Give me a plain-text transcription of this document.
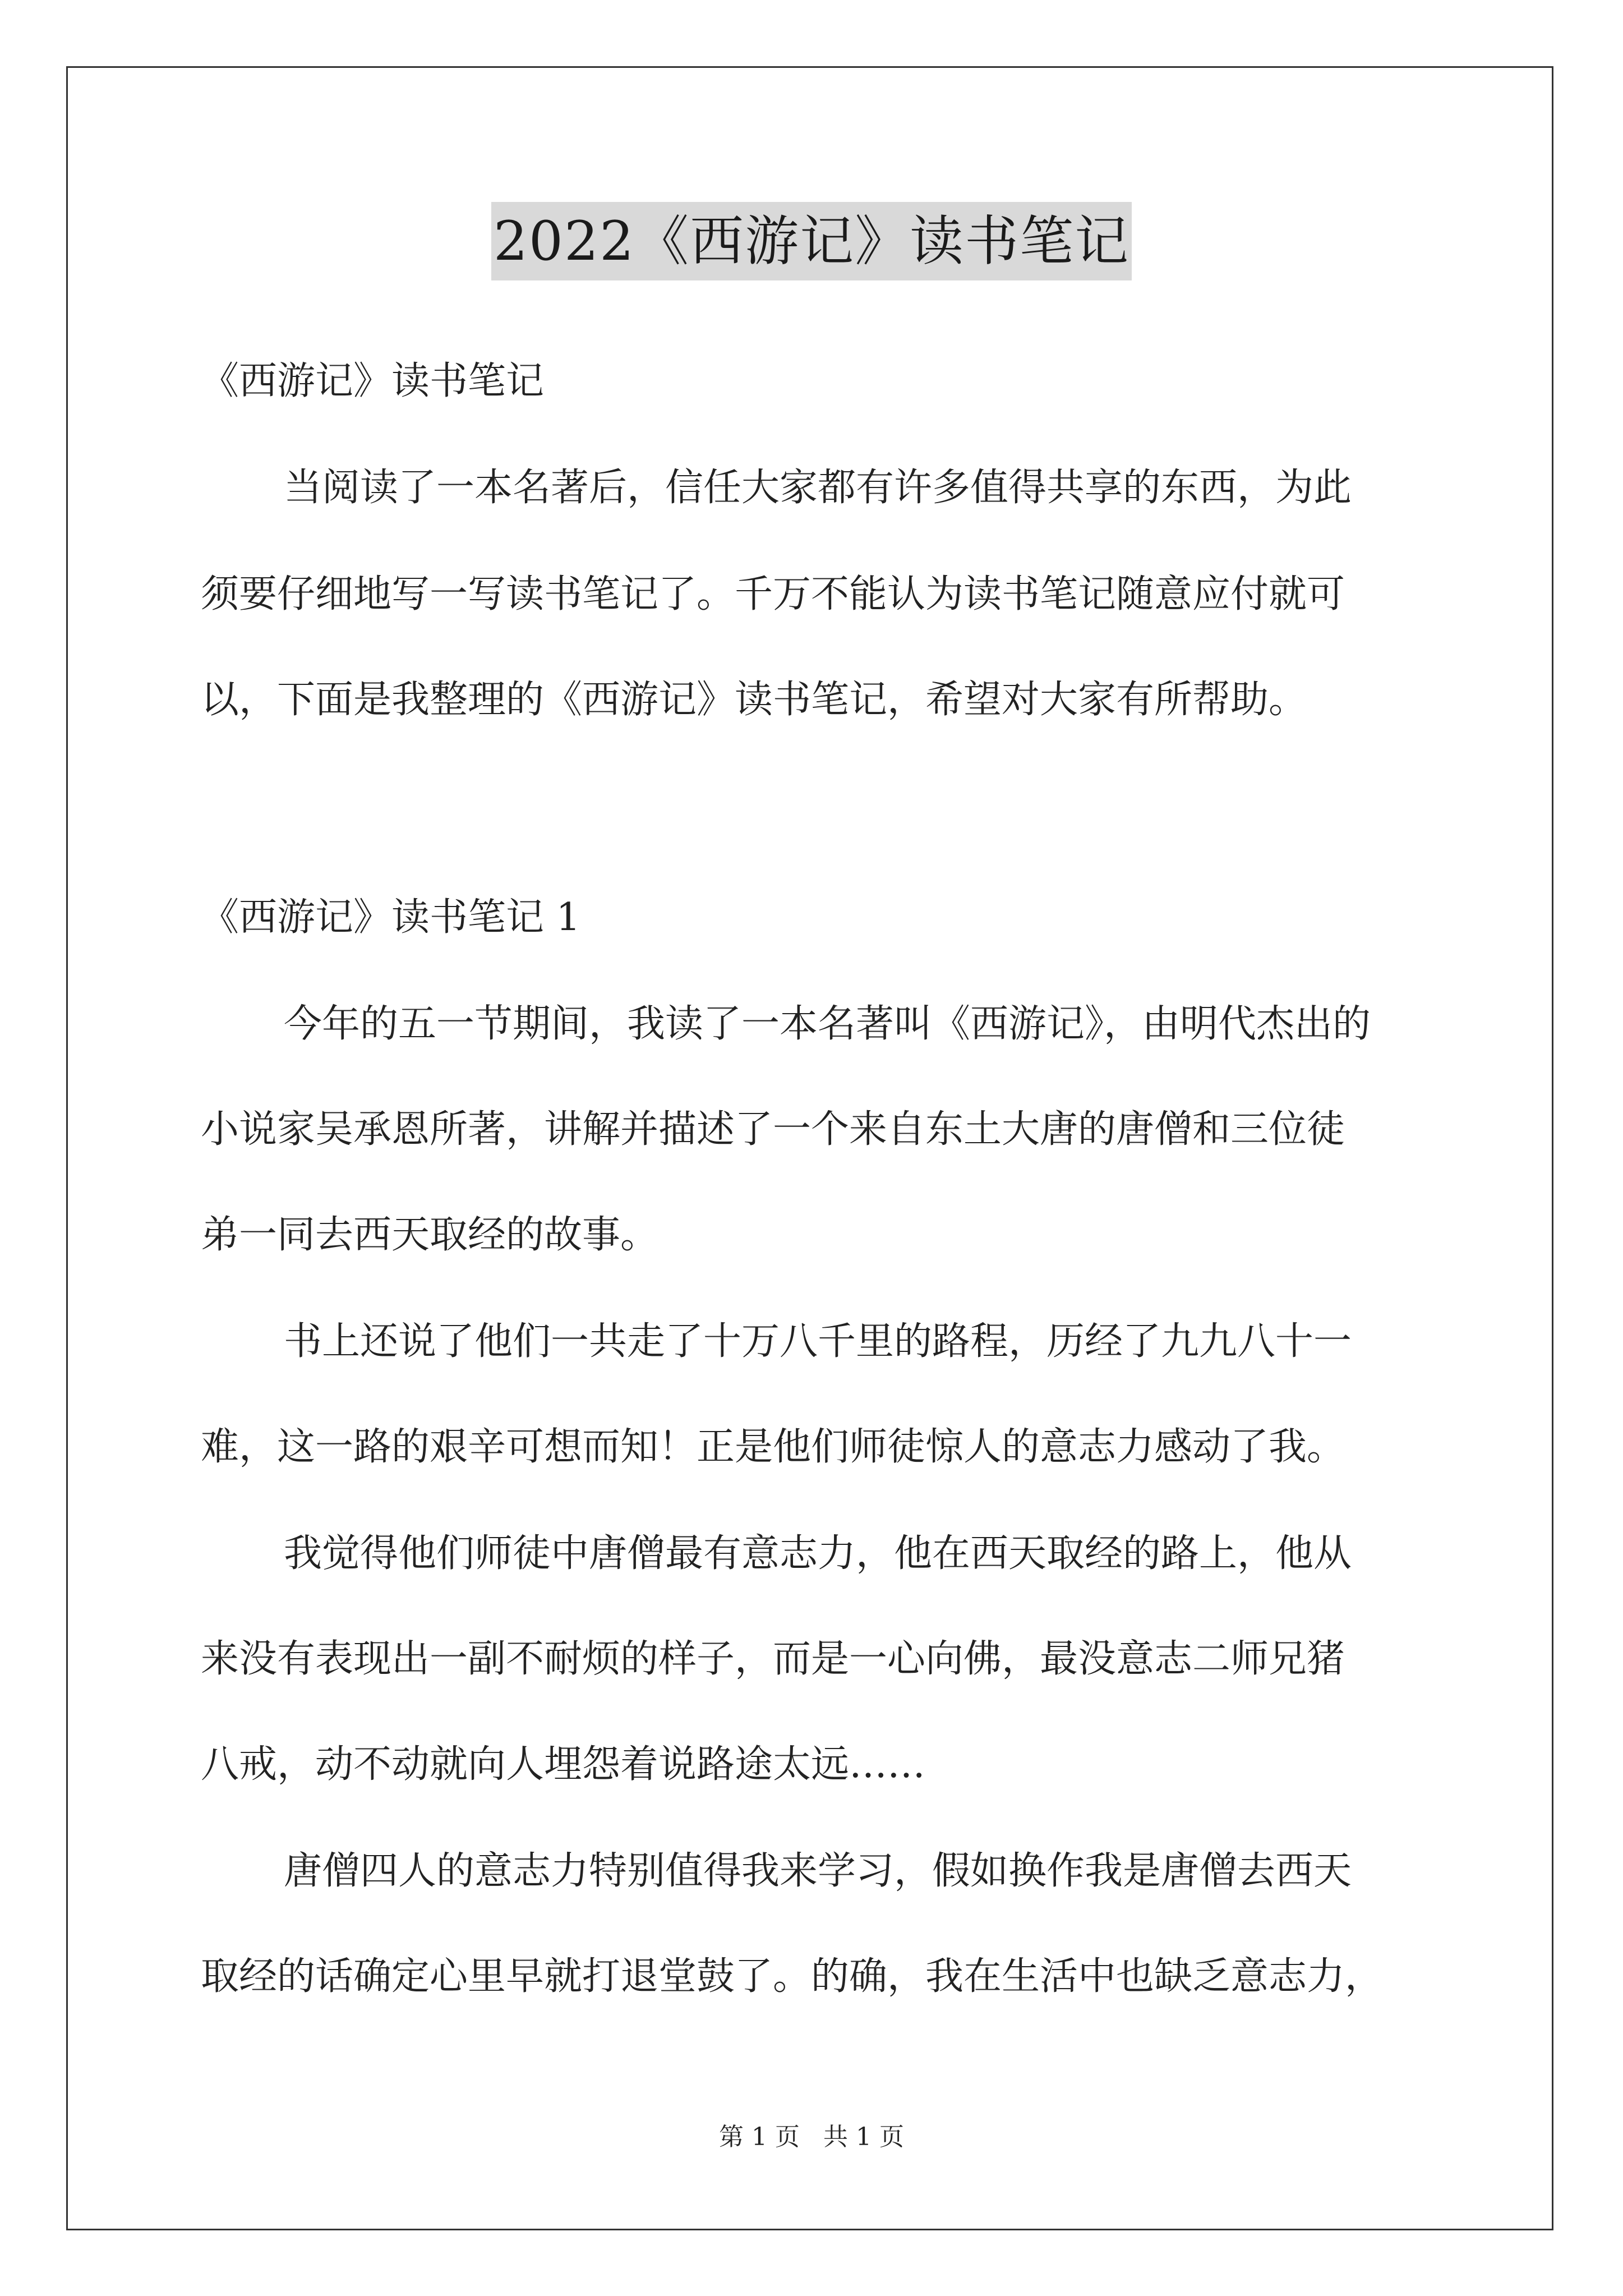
2022《西游记》读书笔记
《西游记》读书笔记
当阅读了一本名著后，信任大家都有许多值得共享的东西，为此
须要仔细地写一写读书笔记了。千万不能认为读书笔记随意应付就可
以，下面是我整理的《西游记》读书笔记，希望对大家有所帮助。
《西游记》读书笔记 1
今年的五一节期间，我读了一本名著叫《西游记》，由明代杰出的
小说家吴承恩所著，讲解并描述了一个来自东土大唐的唐僧和三位徒
弟一同去西天取经的故事。
书上还说了他们一共走了十万八千里的路程，历经了九九八十一
难，这一路的艰辛可想而知！正是他们师徒惊人的意志力感动了我。
我觉得他们师徒中唐僧最有意志力，他在西天取经的路上，他从
来没有表现出一副不耐烦的样子，而是一心向佛，最没意志二师兄猪
八戒，动不动就向人埋怨着说路途太远……
唐僧四人的意志力特别值得我来学习，假如换作我是唐僧去西天
取经的话确定心里早就打退堂鼓了。的确，我在生活中也缺乏意志力，
第 1 页   共 1 页
